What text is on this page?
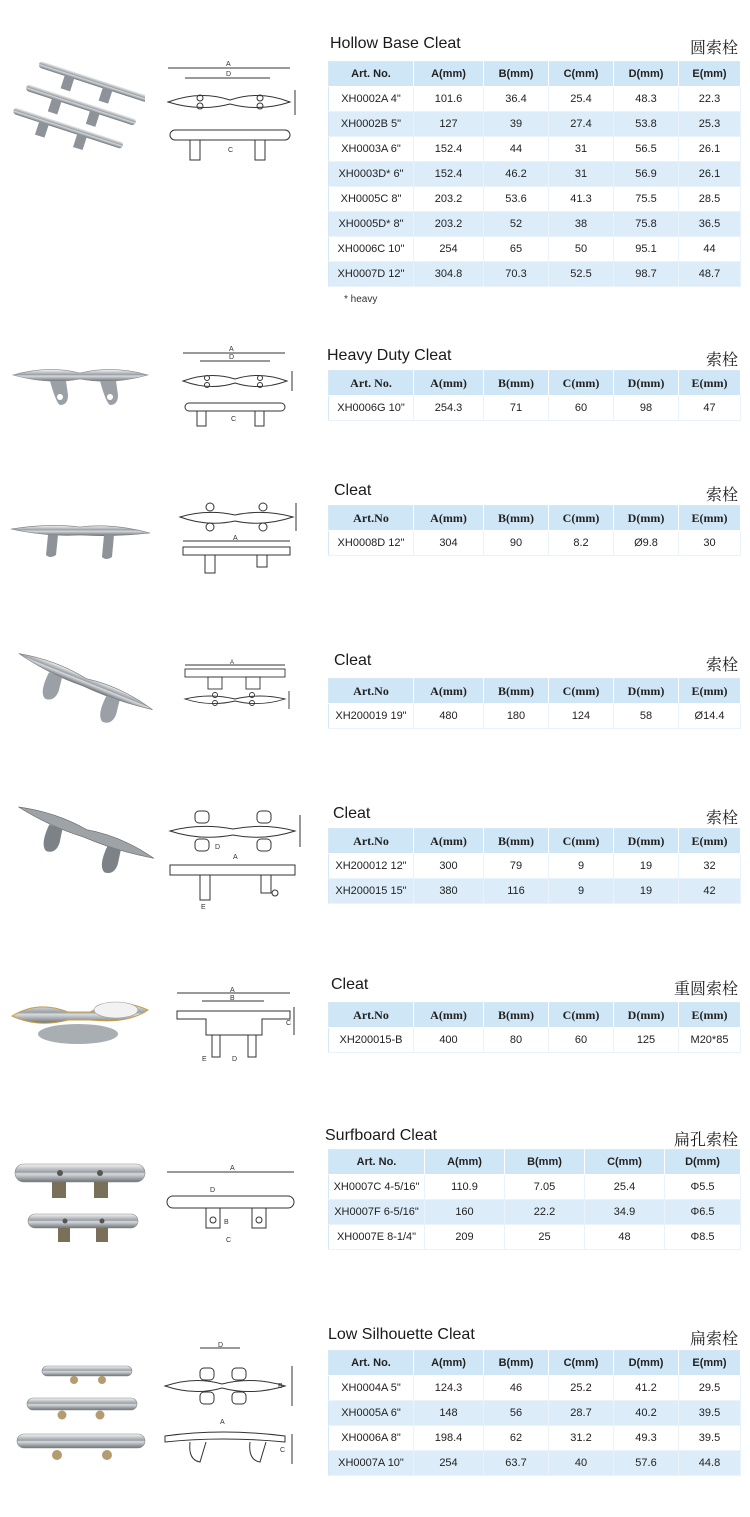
A
D
C
Hollow Base Cleat	圆索栓
Art. No.	A(mm)	B(mm)	C(mm)	D(mm)	E(mm)
XH0002A 4"	101.6	36.4	25.4	48.3	22.3
XH0002B 5"	127	39	27.4	53.8	25.3
XH0003A 6"	152.4	44	31	56.5	26.1
XH0003D* 6"	152.4	46.2	31	56.9	26.1
XH0005C 8"	203.2	53.6	41.3	75.5	28.5
XH0005D* 8"	203.2	52	38	75.8	36.5
XH0006C 10"	254	65	50	95.1	44
XH0007D 12"	304.8	70.3	52.5	98.7	48.7
* heavy
A
D
C
Heavy Duty Cleat	索栓
Art. No.	A(mm)	B(mm)	C(mm)	D(mm)	E(mm)
XH0006G 10"	254.3	71	60	98	47
A
Cleat	索栓
Art.No	A(mm)	B(mm)	C(mm)	D(mm)	E(mm)
XH0008D 12"	304	90	8.2	Ø9.8	30
A	Cleat	索栓
Art.No	A(mm)	B(mm)	C(mm)	D(mm)	E(mm)
XH200019 19"	480	180	124	58	Ø14.4
D
A
E
Cleat	索栓
Art.No	A(mm)	B(mm)	C(mm)	D(mm)	E(mm)
XH200012 12"	300	79	9	19	32
XH200015 15"	380	116	9	19	42
A
B
C
E	D
Cleat	重圆索栓
Art.No	A(mm)	B(mm)	C(mm)	D(mm)	E(mm)
XH200015-B	400	80	60	125	M20*85
A
D
B
C
Surfboard Cleat	扁孔索栓
Art. No.	A(mm)	B(mm)	C(mm)	D(mm)
XH0007C 4-5/16"	110.9	7.05	25.4	Φ5.5
XH0007F 6-5/16"	160	22.2	34.9	Φ6.5
XH0007E 8-1/4"	209	25	48	Φ8.5
D
B
A
C
Low Silhouette Cleat	扁索栓
Art. No.	A(mm)	B(mm)	C(mm)	D(mm)	E(mm)
XH0004A 5"	124.3	46	25.2	41.2	29.5
XH0005A 6"	148	56	28.7	40.2	39.5
XH0006A 8"	198.4	62	31.2	49.3	39.5
XH0007A 10"	254	63.7	40	57.6	44.8
